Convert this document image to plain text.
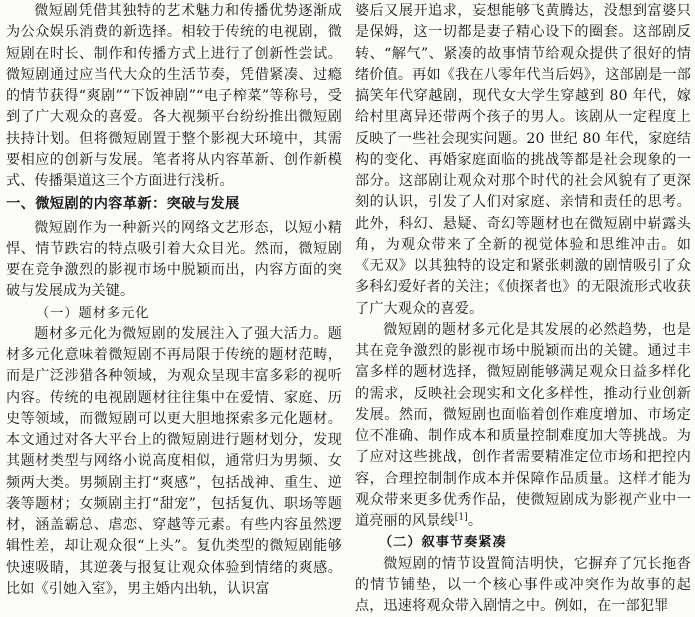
微短剧凭借其独特的艺术魅力和传播优势逐渐成为公众娱乐消费的新选择。相较于传统的电视剧，微短剧在时长、制作和传播方式上进行了创新性尝试。微短剧通过应当代大众的生活节奏，凭借紧凑、过瘾的情节获得“爽剧”“下饭神剧”“电子榨菜”等称号，受到了广大观众的喜爱。各大视频平台纷纷推出微短剧扶持计划。但将微短剧置于整个影视大环境中，其需要相应的创新与发展。笔者将从内容革新、创作新模式、传播渠道这三个方面进行浅析。

一、微短剧的内容革新：突破与发展

微短剧作为一种新兴的网络文艺形态，以短小精悍、情节跌宕的特点吸引着大众目光。然而，微短剧要在竞争激烈的影视市场中脱颖而出，内容方面的突破与发展成为关键。

（一）题材多元化

题材多元化为微短剧的发展注入了强大活力。题材多元化意味着微短剧不再局限于传统的题材范畴，而是广泛涉猎各种领域，为观众呈现丰富多彩的视听内容。传统的电视剧题材往往集中在爱情、家庭、历史等领域，而微短剧可以更大胆地探索多元化题材。本文通过对各大平台上的微短剧进行题材划分，发现其题材类型与网络小说高度相似，通常归为男频、女频两大类。男频剧主打“爽感”，包括战神、重生、逆袭等题材；女频剧主打“甜宠”，包括复仇、职场等题材，涵盖霸总、虐恋、穿越等元素。有些内容虽然逻辑性差，却让观众很“上头”。复仇类型的微短剧能够快速吸睛，其逆袭与报复让观众体验到情绪的爽感。比如《引她入室》，男主婚内出轨，认识富

婆后又展开追求，妄想能够飞黄腾达，没想到富婆只是保姆，这一切都是妻子精心设下的圈套。这部剧反转、“解气”、紧凑的故事情节给观众提供了很好的情绪价值。再如《我在八零年代当后妈》，这部剧是一部搞笑年代穿越剧，现代女大学生穿越到 80 年代，嫁给村里离异还带两个孩子的男人。该剧从一定程度上反映了一些社会现实问题。20 世纪 80 年代，家庭结构的变化、再婚家庭面临的挑战等都是社会现象的一部分。这部剧让观众对那个时代的社会风貌有了更深刻的认识，引发了人们对家庭、亲情和责任的思考。此外，科幻、悬疑、奇幻等题材也在微短剧中崭露头角，为观众带来了全新的视觉体验和思维冲击。如《无双》以其独特的设定和紧张刺激的剧情吸引了众多科幻爱好者的关注；《侦探者也》的无限流形式收获了广大观众的喜爱。

微短剧的题材多元化是其发展的必然趋势，也是其在竞争激烈的影视市场中脱颖而出的关键。通过丰富多样的题材选择，微短剧能够满足观众日益多样化的需求，反映社会现实和文化多样性，推动行业创新发展。然而，微短剧也面临着创作难度增加、市场定位不准确、制作成本和质量控制难度加大等挑战。为了应对这些挑战，创作者需要精准定位市场和把控内容，合理控制制作成本并保障作品质量。这样才能为观众带来更多优秀作品，使微短剧成为影视产业中一道亮丽的风景线[1]。

（二）叙事节奏紧凑

微短剧的情节设置简洁明快，它摒弃了冗长拖沓的情节铺垫，以一个核心事件或冲突作为故事的起点，迅速将观众带入剧情之中。例如，在一部犯罪
